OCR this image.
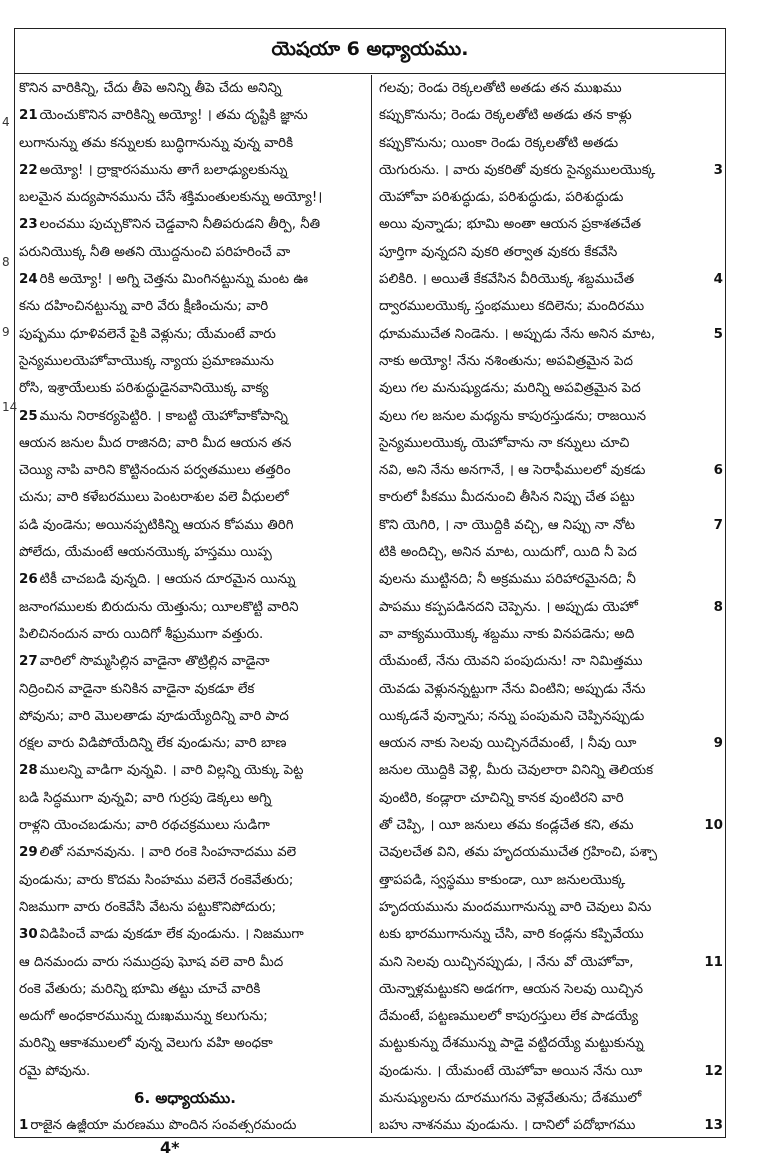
యెషయా 6 అధ్యాయము.
కొనిన వారికిన్ని, చేదు తీపె అనిన్ని తీపె చేదు అనిన్ని
21 యెంచుకొనిన వారికిన్ని అయ్యో! । తమ దృష్టికి జ్ఞాను
లుగానున్ను తమ కన్నులకు బుద్ధిగానున్ను వున్న వారికి
22 అయ్యో! । ద్రాక్షారసమును తాగే బలాఢ్యులకున్ను
బలమైన మద్యపానమును చేసే శక్తిమంతులకున్ను అయ్యో!।
23 లంచము పుచ్చుకొనిన చెడ్డవాని నీతిపరుడని తీర్పి, నీతి
పరునియొక్క నీతి అతని యొద్దనుంచి పరిహరించే వా
24 రికి అయ్యో! । అగ్ని చెత్తను మింగినట్టున్ను మంట ఊ
కను దహించినట్టున్ను వారి వేరు క్షీణించును; వారి
పుష్పము ధూళివలెనే పైకి వెళ్లును; యేమంటే వారు
సైన్యములయెహోవాయొక్క న్యాయ ప్రమాణమును
రోసి, ఇశ్రాయేలుకు పరిశుద్ధుడైనవానియొక్క వాక్య
25 మును నిరాకర్యపెట్టిరి. । కాబట్టి యెహోవాకోపాన్ని
ఆయన జనుల మీద రాజినది; వారి మీద ఆయన తన
చెయ్యి నాపి వారిని కొట్టినందున పర్వతములు తత్తరిం
చును; వారి కళేబరములు పెంటరాశుల వలె వీధులలో
పడి వుండెను; అయినప్పటికిన్ని ఆయన కోపము తిరిగి
పోలేదు, యేమంటే ఆయనయొక్క హస్తము యిప్ప
26 టికీ చాచబడి వున్నది. । ఆయన దూరమైన యిన్ను
జనాంగములకు బిరుదును యెత్తును; యీలకొట్టి వారిని
పిలిచినందున వారు యిదిగో శీఘ్రముగా వత్తురు.
27 వారిలో సొమ్మసిల్లిన వాడైనా తొట్రిల్లిన వాడైనా
నిద్రించిన వాడైనా కునికిన వాడైనా వుకడూ లేక
పోవును; వారి మొలతాడు వూడుయ్యేదిన్ని వారి పాద
రక్షల వారు విడిపోయేదిన్ని లేక వుండును; వారి బాణ
28 ములన్ని వాడిగా వున్నవి. । వారి విల్లన్ని యెక్కు పెట్ట
బడి సిద్ధముగా వున్నవి; వారి గుర్రపు డెక్కలు అగ్ని
రాళ్లని యెంచబడును; వారి రథచక్రములు సుడిగా
29 లితో సమానవును. । వారి రంకె సింహనాదము వలె
వుండును; వారు కొదమ సింహము వలెనే రంకెవేతురు;
నిజముగా వారు రంకెవేసి వేటను పట్టుకొనిపోదురు;
30 విడిపించే వాడు వుకడూ లేక వుండును. । నిజముగా
ఆ దినమందు వారు సముద్రపు ఘోష వలె వారి మీద
రంకె వేతురు; మరిన్ని భూమి తట్టు చూచే వారికి
అదుగో అంధకారమున్ను దుఃఖమున్ను కలుగును;
మరిన్ని ఆకాశములలో వున్న వెలుగు వహి అంధకా
రమై పోవును.
6. అధ్యాయము.
1 రాజైన ఉజ్జీయా మరణము పొందిన సంవత్సరమందు
గలవు; రెండు రెక్కలతోటి అతడు తన ముఖము
కప్పుకొనును; రెండు రెక్కలతోటి అతడు తన కాళ్లు
కప్పుకొనును; యింకా రెండు రెక్కలతోటి అతడు
యెగురును. । వారు వుకరితో వుకరు సైన్యములయొక్క	3
యెహోవా పరిశుద్ధుడు, పరిశుద్ధుడు, పరిశుద్ధుడు
అయి వున్నాడు; భూమి అంతా ఆయన ప్రకాశతచేత
పూర్తిగా వున్నదని వుకరి తర్వాత వుకరు కేకవేసి
పలికిరి. । అయితే కేకవేసిన వీరియొక్క శబ్దముచేత	4
ద్వారములయొక్క స్తంభములు కదిలెను; మందిరము
ధూమముచేత నిండెను. । అప్పుడు నేను అనిన మాట,	5
నాకు అయ్యో! నేను నశింతును; అపవిత్రమైన పెద
వులు గల మనుష్యుడను; మరిన్ని అపవిత్రమైన పెద
వులు గల జనుల మధ్యను కాపురస్తుడను; రాజయిన
సైన్యములయొక్క యెహోవాను నా కన్నులు చూచి
నవి, అని నేను అనగానే, । ఆ సెరాఫీములలో వుకడు	6
కారులో పీకము మీదనుంచి తీసిన నిప్పు చేత పట్టు
కొని యెగిరి, । నా యొద్దికి వచ్చి, ఆ నిప్పు నా నోట	7
టికి అందిచ్చి, అనిన మాట, యిదుగో, యిది నీ పెద
వులను ముట్టినది; నీ అక్రమము పరిహారమైనది; నీ
పాపము కప్పపడినదని చెప్పెను. । అప్పుడు యెహో	8
వా వాక్యముయొక్క శబ్దము నాకు వినపడెను; అది
యేమంటే, నేను యెవని పంపుదును! నా నిమిత్తము
యెవడు వెళ్లునన్నట్టుగా నేను వింటిని; అప్పుడు నేను
యిక్కడనే వున్నాను; నన్ను పంపుమని చెప్పినప్పుడు
ఆయన నాకు సెలవు యిచ్చినదేమంటే, । నీవు యీ	9
జనుల యొద్దికి వెళ్లి, మీరు చెవులారా వినిన్ని తెలియక
వుంటిరి, కండ్లారా చూచిన్ని కానక వుంటిరని వారి
తో చెప్పి, । యీ జనులు తమ కండ్లచేత కని, తమ	10
చెవులచేత విని, తమ హృదయముచేత గ్రహించి, పశ్చా
త్తాపపడి, స్వస్థము కాకుండా, యీ జనులయొక్క
హృదయమును మందముగానున్ను వారి చెవులు విను
టకు భారముగానున్ను చేసి, వారి కండ్లను కప్పివేయు
మని సెలవు యిచ్చినప్పుడు, । నేను వో యెహోవా,	11
యెన్నాళ్లమట్టుకని అడగగా, ఆయన సెలవు యిచ్చిన
దేమంటే, పట్టణములలో కాపురస్తులు లేక పాడయ్యే
మట్టుకున్ను దేశమున్ను పాడై వట్టిదయ్యే మట్టుకున్ను
వుండును. । యేమంటే యెహోవా అయిన నేను యీ	12
మనుష్యులను దూరముగను వెళ్లవేతును; దేశములో
బహు నాశనము వుండును. । దానిలో పదోభాగము	13
4*
4
8
9
14
